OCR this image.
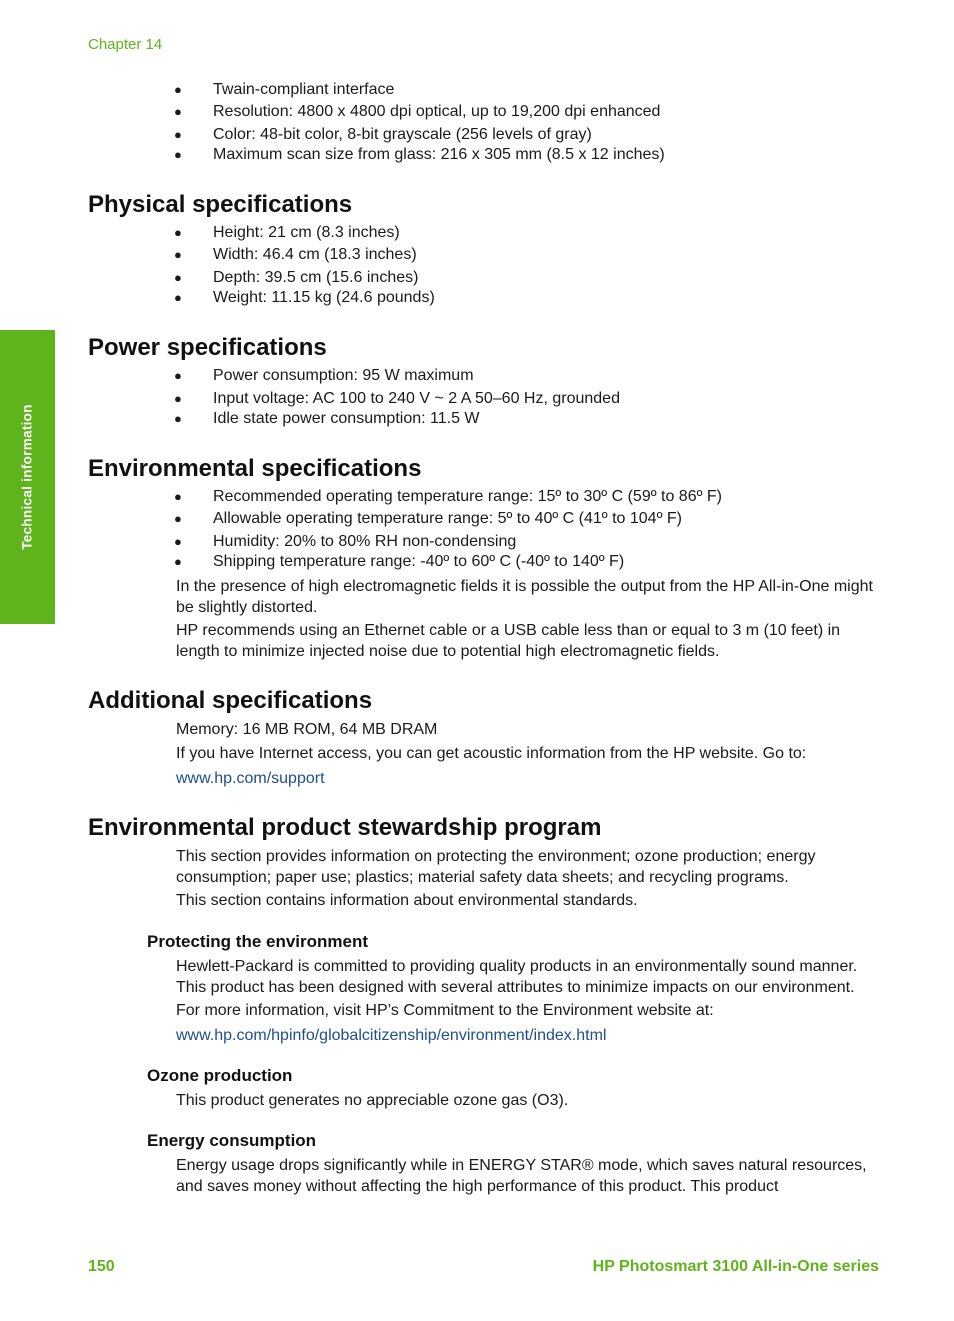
Chapter 14
Technical information
● Twain-compliant interface
● Resolution: 4800 x 4800 dpi optical, up to 19,200 dpi enhanced
● Color: 48-bit color, 8-bit grayscale (256 levels of gray)
● Maximum scan size from glass: 216 x 305 mm (8.5 x 12 inches)
Physical specifications
● Height: 21 cm (8.3 inches)
● Width: 46.4 cm (18.3 inches)
● Depth: 39.5 cm (15.6 inches)
● Weight: 11.15 kg (24.6 pounds)
Power specifications
● Power consumption: 95 W maximum
● Input voltage: AC 100 to 240 V ~ 2 A 50–60 Hz, grounded
● Idle state power consumption: 11.5 W
Environmental specifications
● Recommended operating temperature range: 15º to 30º C (59º to 86º F)
● Allowable operating temperature range: 5º to 40º C (41º to 104º F)
● Humidity: 20% to 80% RH non-condensing
● Shipping temperature range: -40º to 60º C (-40º to 140º F)

In the presence of high electromagnetic fields it is possible the output from the HP All-in-One might be slightly distorted.

HP recommends using an Ethernet cable or a USB cable less than or equal to 3 m (10 feet) in length to minimize injected noise due to potential high electromagnetic fields.

Additional specifications

Memory: 16 MB ROM, 64 MB DRAM

If you have Internet access, you can get acoustic information from the HP website. Go to:

www.hp.com/support

Environmental product stewardship program

This section provides information on protecting the environment; ozone production; energy consumption; paper use; plastics; material safety data sheets; and recycling programs.

This section contains information about environmental standards.

Protecting the environment

Hewlett-Packard is committed to providing quality products in an environmentally sound manner. This product has been designed with several attributes to minimize impacts on our environment.

For more information, visit HP’s Commitment to the Environment website at:

www.hp.com/hpinfo/globalcitizenship/environment/index.html

Ozone production

This product generates no appreciable ozone gas (O3).

Energy consumption

Energy usage drops significantly while in ENERGY STAR® mode, which saves natural resources, and saves money without affecting the high performance of this product. This product

150	HP Photosmart 3100 All-in-One series
